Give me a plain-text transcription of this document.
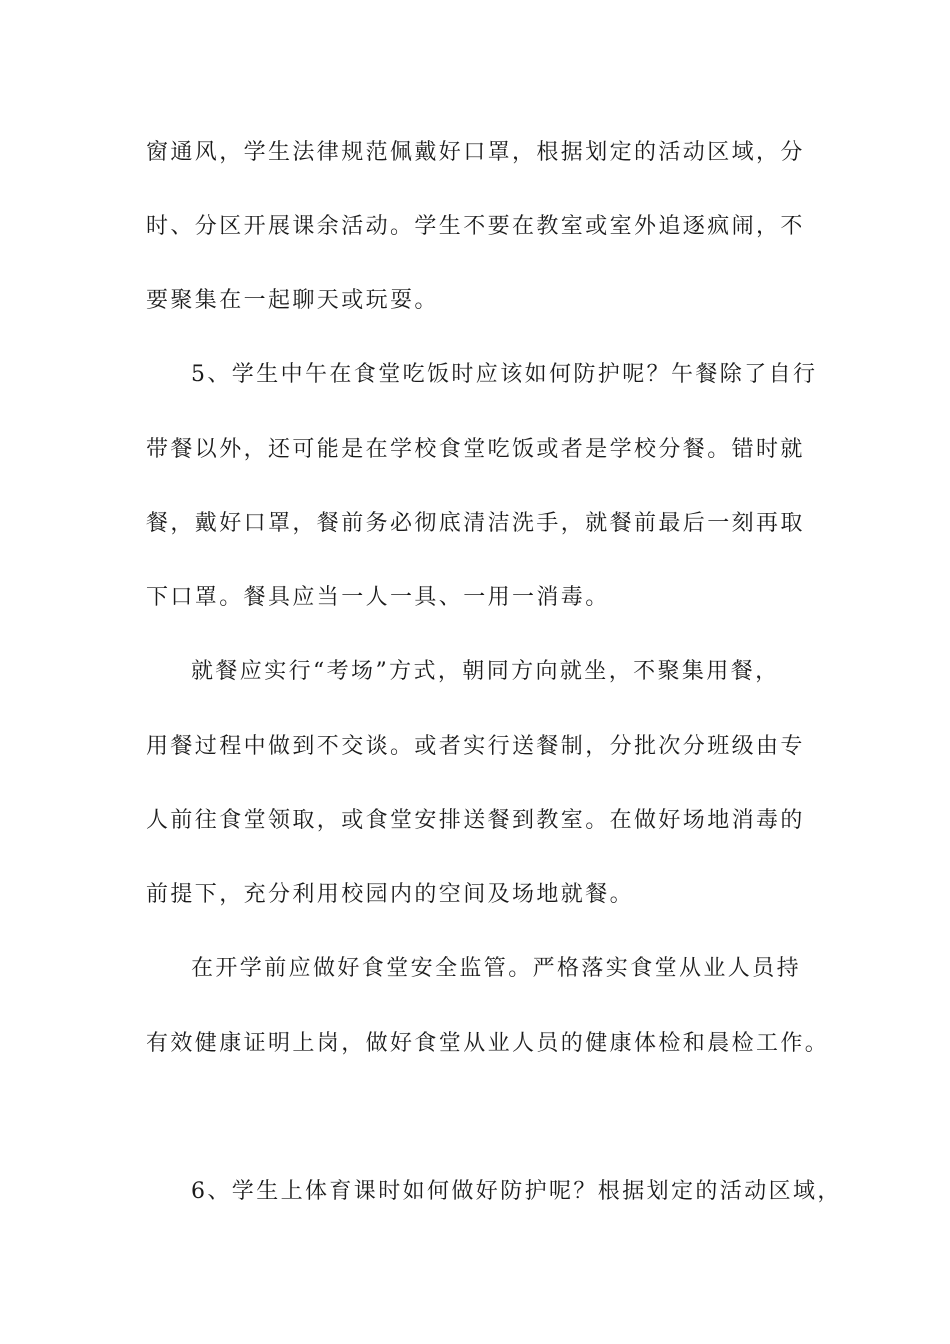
窗通风，学生法律规范佩戴好口罩，根据划定的活动区域，分
时、分区开展课余活动。学生不要在教室或室外追逐疯闹，不
要聚集在一起聊天或玩耍。
5、学生中午在食堂吃饭时应该如何防护呢？午餐除了自行
带餐以外，还可能是在学校食堂吃饭或者是学校分餐。错时就
餐，戴好口罩，餐前务必彻底清洁洗手，就餐前最后一刻再取
下口罩。餐具应当一人一具、一用一消毒。
就餐应实行“考场”方式，朝同方向就坐，不聚集用餐，
用餐过程中做到不交谈。或者实行送餐制，分批次分班级由专
人前往食堂领取，或食堂安排送餐到教室。在做好场地消毒的
前提下，充分利用校园内的空间及场地就餐。
在开学前应做好食堂安全监管。严格落实食堂从业人员持
有效健康证明上岗，做好食堂从业人员的健康体检和晨检工作。
6、学生上体育课时如何做好防护呢？根据划定的活动区域，
